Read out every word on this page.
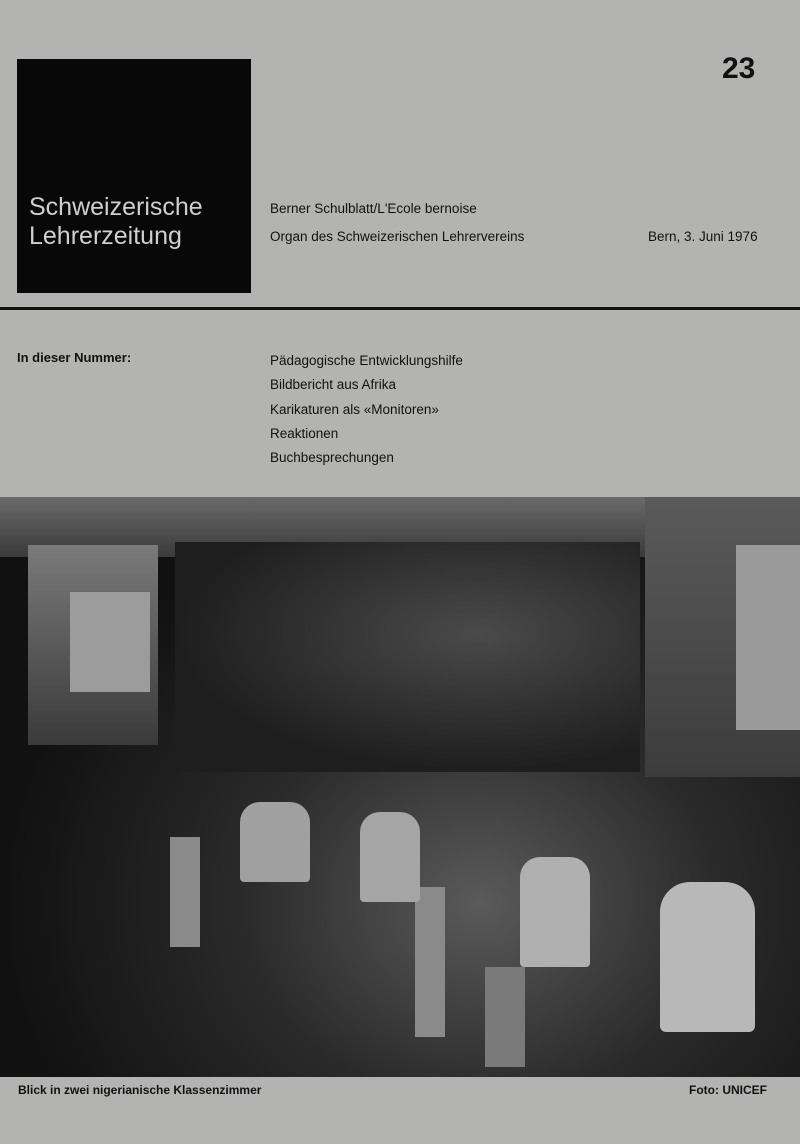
23
Schweizerische
Lehrerzeitung
Berner Schulblatt/L'Ecole bernoise
Organ des Schweizerischen Lehrervereins	Bern, 3. Juni 1976
In dieser Nummer:	Pädagogische Entwicklungshilfe
Bildbericht aus Afrika
Karikaturen als «Monitoren»
Reaktionen
Buchbesprechungen
Blick in zwei nigerianische Klassenzimmer	Foto: UNICEF
